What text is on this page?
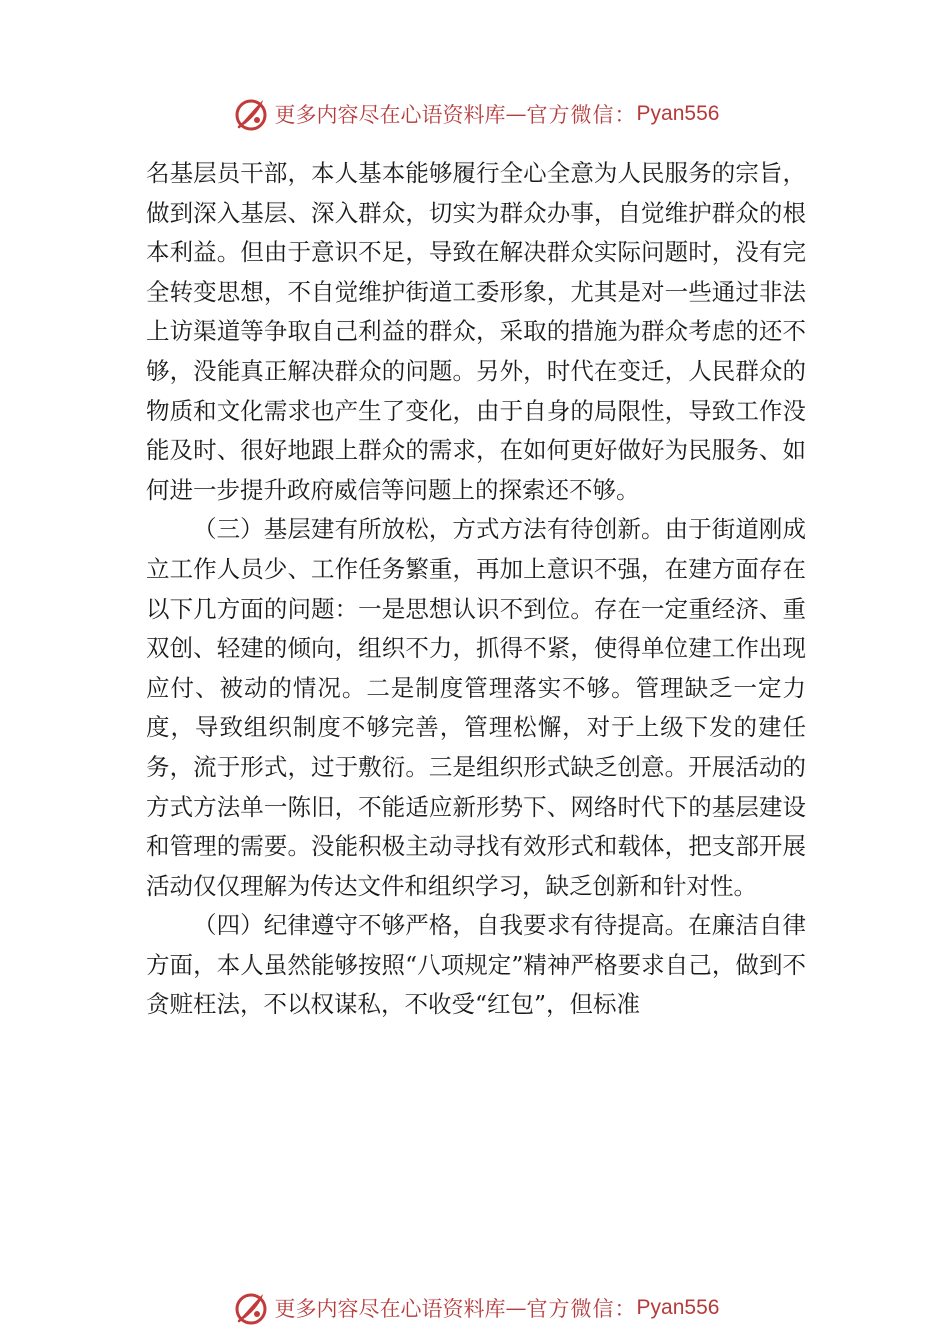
更多内容尽在心语资料库 — 官方微信： Pyan556

名基层员干部，本人基本能够履行全心全意为人民服务的宗旨，做到深入基层、深入群众，切实为群众办事，自觉维护群众的根本利益。但由于意识不足，导致在解决群众实际问题时，没有完全转变思想，不自觉维护街道工委形象，尤其是对一些通过非法上访渠道等争取自己利益的群众，采取的措施为群众考虑的还不够，没能真正解决群众的问题。另外，时代在变迁，人民群众的物质和文化需求也产生了变化，由于自身的局限性，导致工作没能及时、很好地跟上群众的需求，在如何更好做好为民服务、如何进一步提升政府威信等问题上的探索还不够。

（三）基层建有所放松，方式方法有待创新。由于街道刚成立工作人员少、工作任务繁重，再加上意识不强，在建方面存在以下几方面的问题：一是思想认识不到位。存在一定重经济、重双创、轻建的倾向，组织不力，抓得不紧，使得单位建工作出现应付、被动的情况。二是制度管理落实不够。管理缺乏一定力度，导致组织制度不够完善，管理松懈，对于上级下发的建任务，流于形式，过于敷衍。三是组织形式缺乏创意。开展活动的方式方法单一陈旧，不能适应新形势下、网络时代下的基层建设和管理的需要。没能积极主动寻找有效形式和载体，把支部开展活动仅仅理解为传达文件和组织学习，缺乏创新和针对性。

（四）纪律遵守不够严格，自我要求有待提高。在廉洁自律方面，本人虽然能够按照“八项规定”精神严格要求自己，做到不贪赃枉法，不以权谋私，不收受“红包”，但标准

更多内容尽在心语资料库 — 官方微信： Pyan556
